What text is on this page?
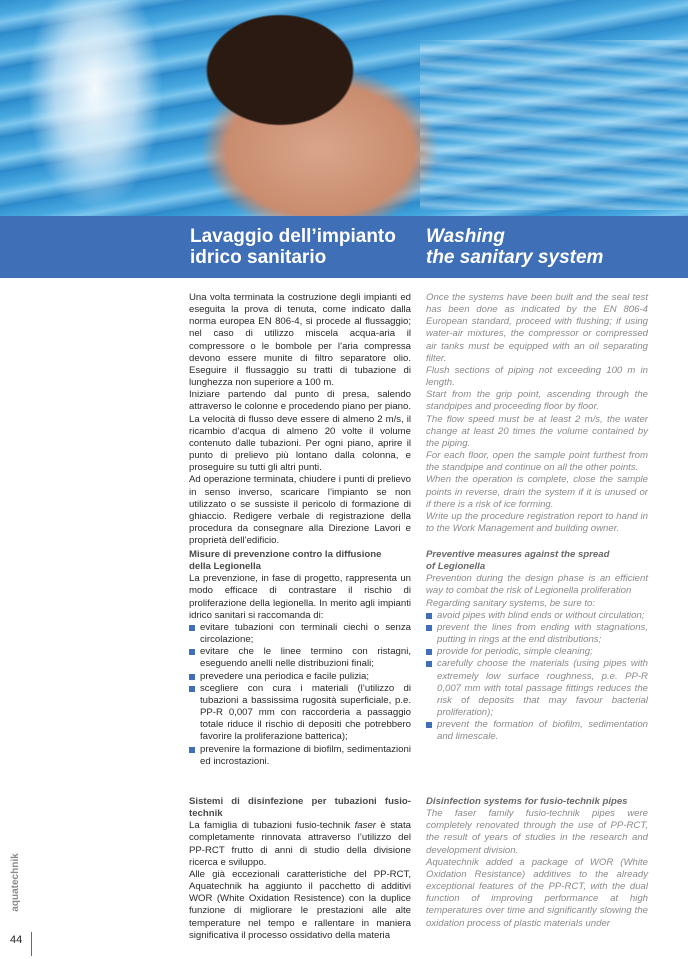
Lavaggio dell’impianto
idrico sanitario
Washing
the sanitary system

Una volta terminata la costruzione degli impianti ed eseguita la prova di tenuta, come indicato dalla norma europea EN 806-4, si procede al flussaggio; nel caso di utilizzo miscela acqua-aria il compressore o le bombole per l’aria compressa devono essere munite di filtro separatore olio. Eseguire il flussaggio su tratti di tubazione di lunghezza non superiore a 100 m.

Iniziare partendo dal punto di presa, salendo attraverso le colonne e procedendo piano per piano. La velocità di flusso deve essere di almeno 2 m/s, il ricambio d’acqua di almeno 20 volte il volume contenuto dalle tubazioni. Per ogni piano, aprire il punto di prelievo più lontano dalla colonna, e proseguire su tutti gli altri punti.

Ad operazione terminata, chiudere i punti di prelievo in senso inverso, scaricare l’impianto se non utilizzato o se sussiste il pericolo di formazione di ghiaccio. Redigere verbale di registrazione della procedura da consegnare alla Direzione Lavori e proprietà dell’edificio.

Misure di prevenzione contro la diffusione

della Legionella

La prevenzione, in fase di progetto, rappresenta un modo efficace di contrastare il rischio di proliferazione della legionella. In merito agli impianti idrico sanitari si raccomanda di:

evitare tubazioni con terminali ciechi o senza circolazione;
evitare che le linee termino con ristagni, eseguendo anelli nelle distribuzioni finali;
prevedere una periodica e facile pulizia;
scegliere con cura i materiali (l’utilizzo di tubazioni a bassissima rugosità superficiale, p.e. PP-R 0,007 mm con raccorderia a passaggio totale riduce il rischio di depositi che potrebbero favorire la proliferazione batterica);
prevenire la formazione di biofilm, sedimentazioni ed incrostazioni.

Sistemi di disinfezione per tubazioni fusio-technik

La famiglia di tubazioni fusio-technik faser è stata completamente rinnovata attraverso l’utilizzo del PP-RCT frutto di anni di studio della divisione ricerca e sviluppo.

Alle già eccezionali caratteristiche del PP-RCT, Aquatechnik ha aggiunto il pacchetto di additivi WOR (White Oxidation Resistence) con la duplice funzione di migliorare le prestazioni alle alte temperature nel tempo e rallentare in maniera significativa il processo ossidativo della materia

Once the systems have been built and the seal test has been done as indicated by the EN 806-4 European standard, proceed with flushing; if using water-air mixtures, the compressor or compressed air tanks must be equipped with an oil separating filter.

Flush sections of piping not exceeding 100 m in length.

Start from the grip point, ascending through the standpipes and proceeding floor by floor.

The flow speed must be at least 2 m/s, the water change at least 20 times the volume contained by the piping.

For each floor, open the sample point furthest from the standpipe and continue on all the other points.

When the operation is complete, close the sample points in reverse, drain the system if it is unused or if there is a risk of ice forming.

Write up the procedure registration report to hand in to the Work Management and building owner.

Preventive measures against the spread

of Legionella

Prevention during the design phase is an efficient way to combat the risk of Legionella proliferation

Regarding sanitary systems, be sure to:

avoid pipes with blind ends or without circulation;
prevent the lines from ending with stagnations, putting in rings at the end distributions;
provide for periodic, simple cleaning;
carefully choose the materials (using pipes with extremely low surface roughness, p.e. PP-R 0,007 mm with total passage fittings reduces the risk of deposits that may favour bacterial proliferation);
prevent the formation of biofilm, sedimentation and limescale.

Disinfection systems for fusio-technik pipes

The faser family fusio-technik pipes were completely renovated through the use of PP-RCT, the result of years of studies in the research and development division.

Aquatechnik added a package of WOR (White Oxidation Resistance) additives to the already exceptional features of the PP-RCT, with the dual function of improving performance at high temperatures over time and significantly slowing the oxidation process of plastic materials under

aquatechnik
44
